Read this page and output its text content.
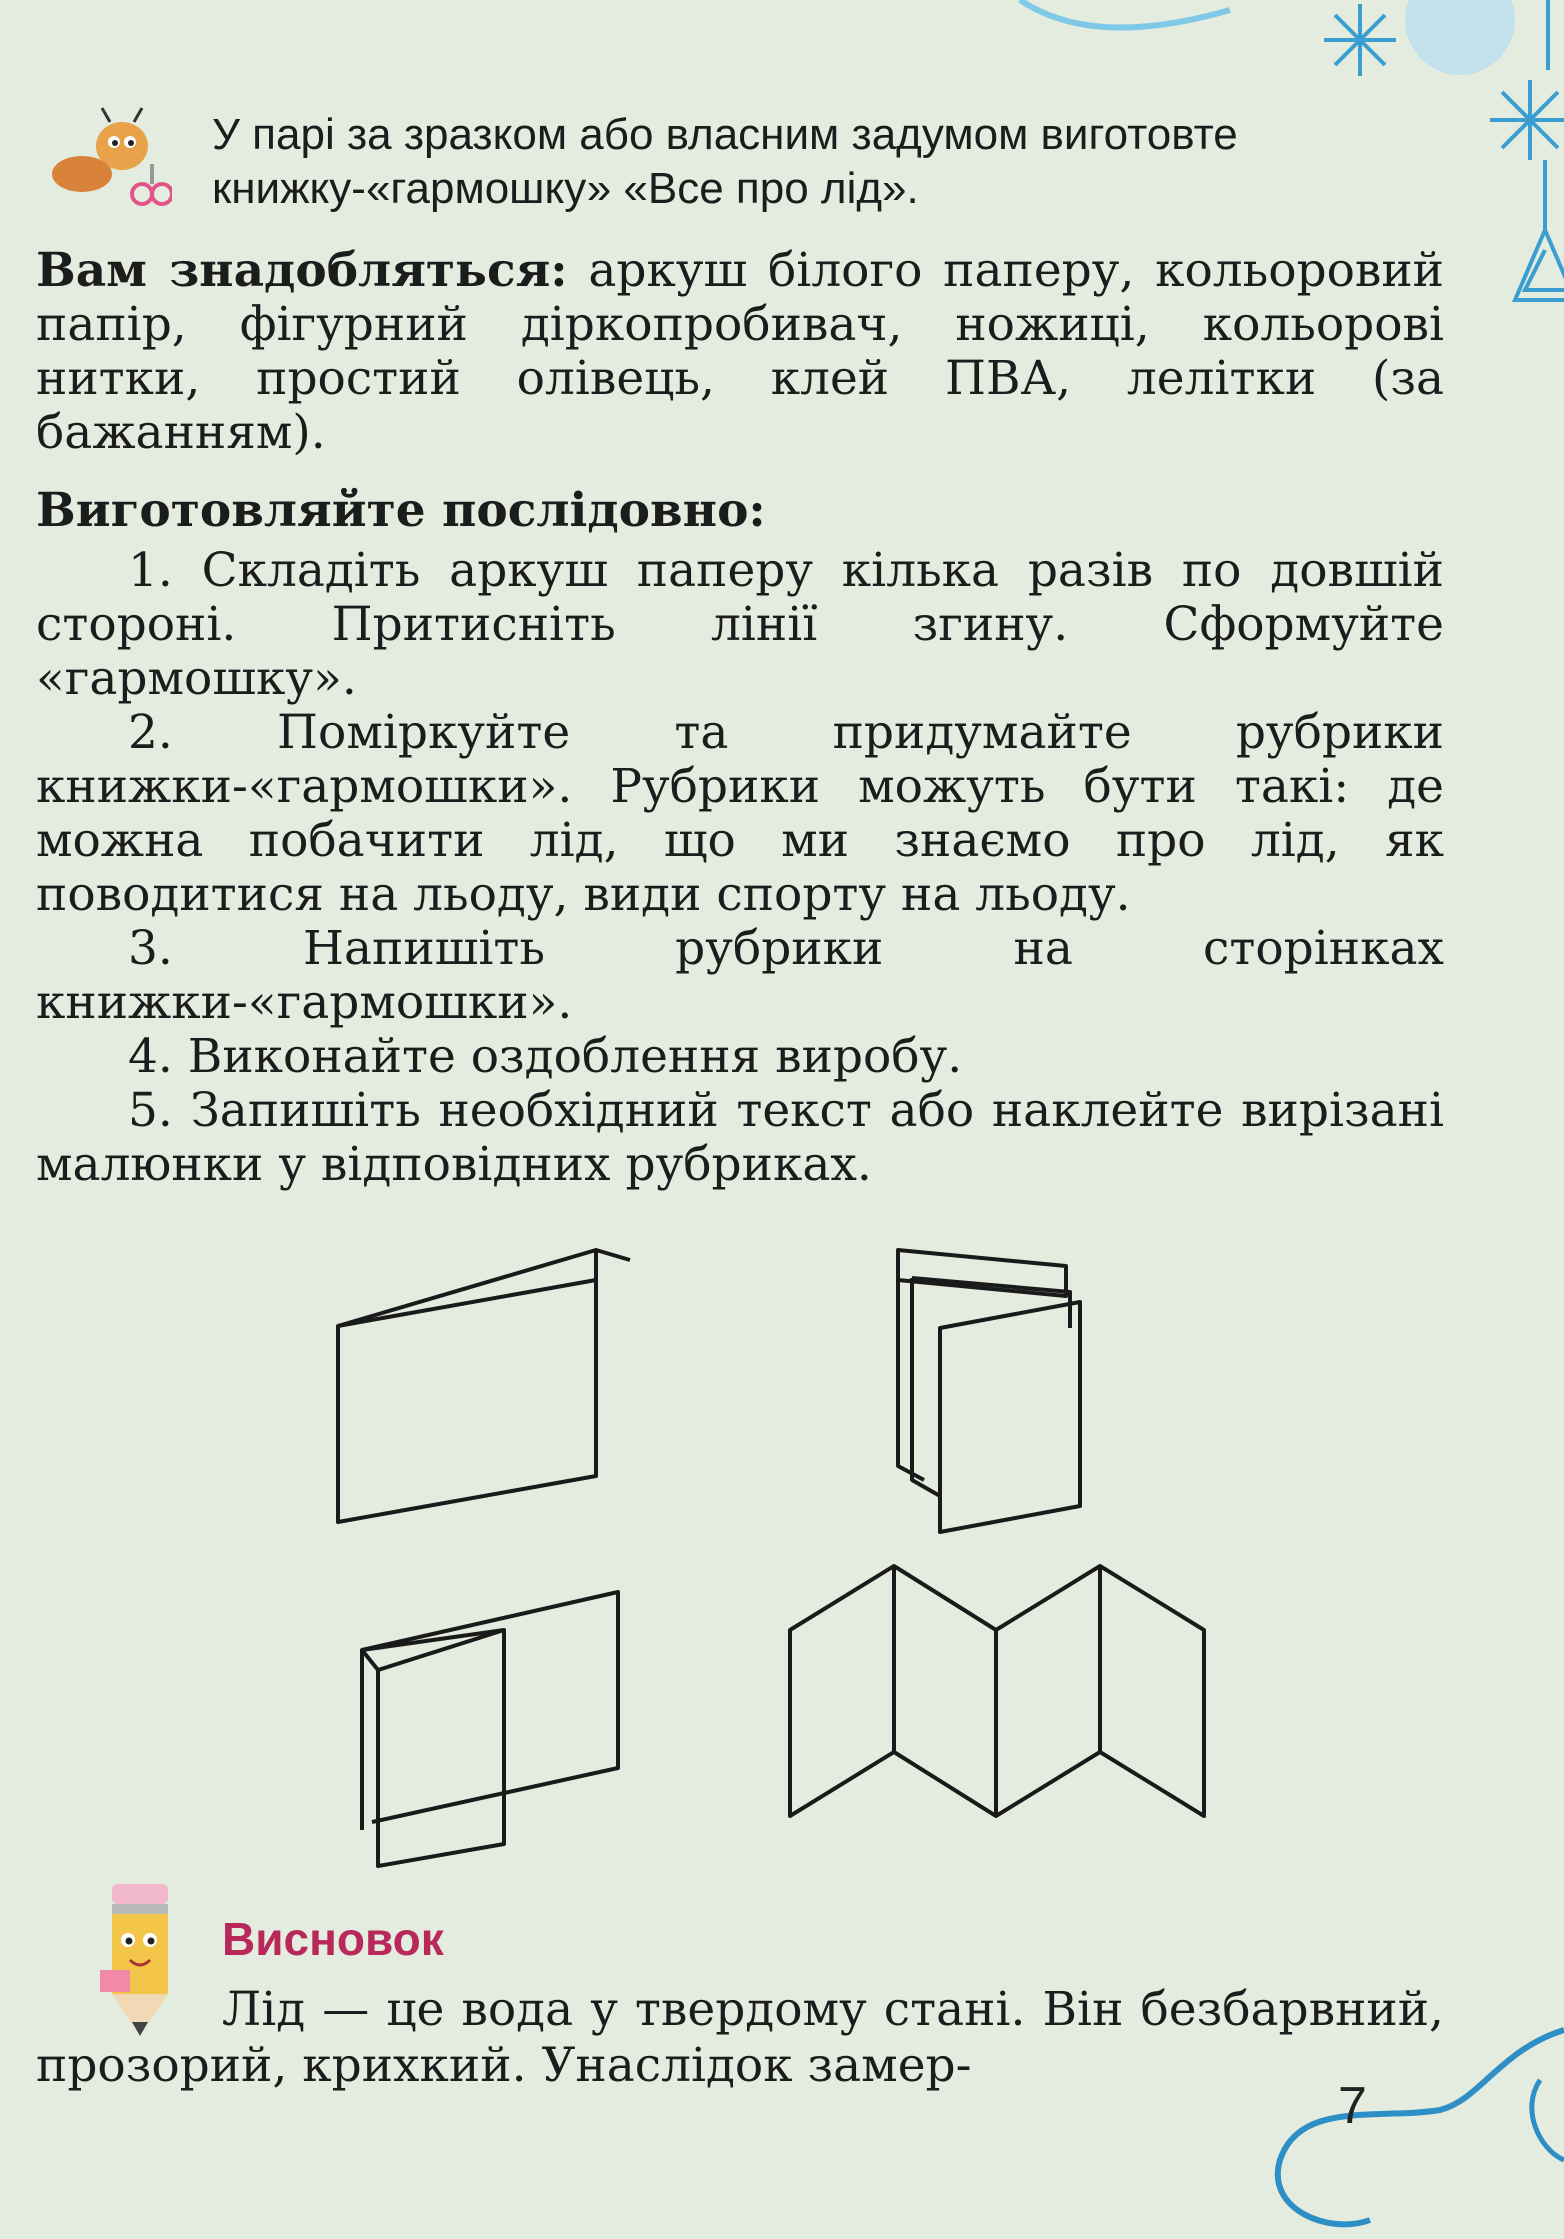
У парі за зразком або власним задумом виготовте книжку-«гармошку» «Все про лід».
Вам знадобляться: аркуш білого паперу, кольоровий папір, фігурний діркопробивач, ножиці, кольорові нитки, простий олівець, клей ПВА, лелітки (за бажанням).
Виготовляйте послідовно:
1. Складіть аркуш паперу кілька разів по довшій стороні. Притисніть лінії згину. Сформуйте «гармошку».
2. Поміркуйте та придумайте рубрики книжки-«гармошки». Рубрики можуть бути такі: де можна побачити лід, що ми знаємо про лід, як поводитися на льоду, види спорту на льоду.
3. Напишіть рубрики на сторінках книжки-«гармошки».
4. Виконайте оздоблення виробу.
5. Запишіть необхідний текст або наклейте вирізані малюнки у відповідних рубриках.
Висновок
Лід — це вода у твердому стані. Він безбарвний, прозорий, крихкий. Унаслідок замер-
7
